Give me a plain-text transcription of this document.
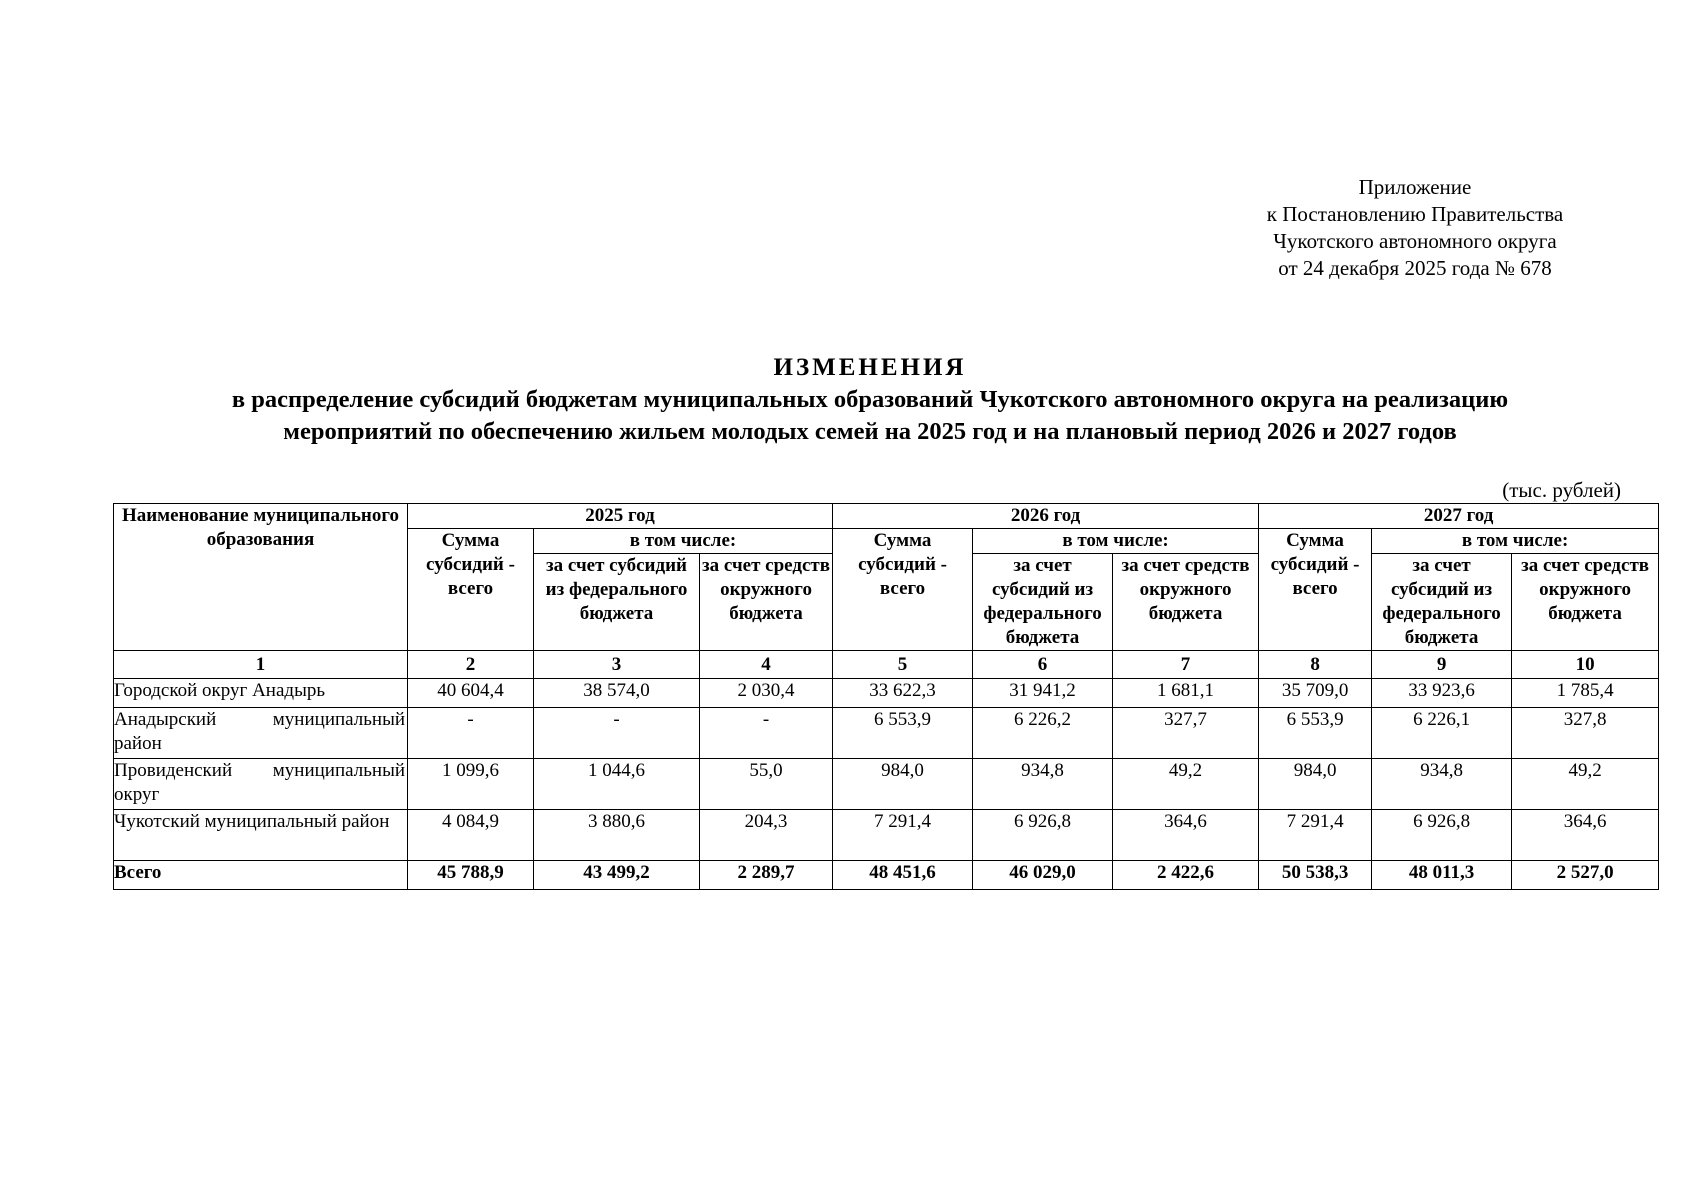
Приложение
к Постановлению Правительства
Чукотского автономного округа
от 24 декабря 2025 года № 678
ИЗМЕНЕНИЯ
в распределение субсидий бюджетам муниципальных образований Чукотского автономного округа на реализацию
мероприятий по обеспечению жильем молодых семей на 2025 год и на плановый период 2026 и 2027 годов
(тыс. рублей)
Наименование муниципального образования	2025 год			2026 год			2027 год		
	Сумма субсидий - всего	в том числе:		Сумма субсидий - всего	в том числе:		Сумма субсидий - всего	в том числе:	
		за счет субсидий из федерального бюджета	за счет средств окружного бюджета		за счет субсидий из федерального бюджета	за счет средств окружного бюджета		за счет субсидий из федерального бюджета	за счет средств окружного бюджета
1	2	3	4	5	6	7	8	9	10
Городской округ Анадырь	40 604,4	38 574,0	2 030,4	33 622,3	31 941,2	1 681,1	35 709,0	33 923,6	1 785,4
Анадырский муниципальный район	-	-	-	6 553,9	6 226,2	327,7	6 553,9	6 226,1	327,8
Провиденский муниципальный округ	1 099,6	1 044,6	55,0	984,0	934,8	49,2	984,0	934,8	49,2
Чукотский муниципальный район	4 084,9	3 880,6	204,3	7 291,4	6 926,8	364,6	7 291,4	6 926,8	364,6
Всего	45 788,9	43 499,2	2 289,7	48 451,6	46 029,0	2 422,6	50 538,3	48 011,3	2 527,0
